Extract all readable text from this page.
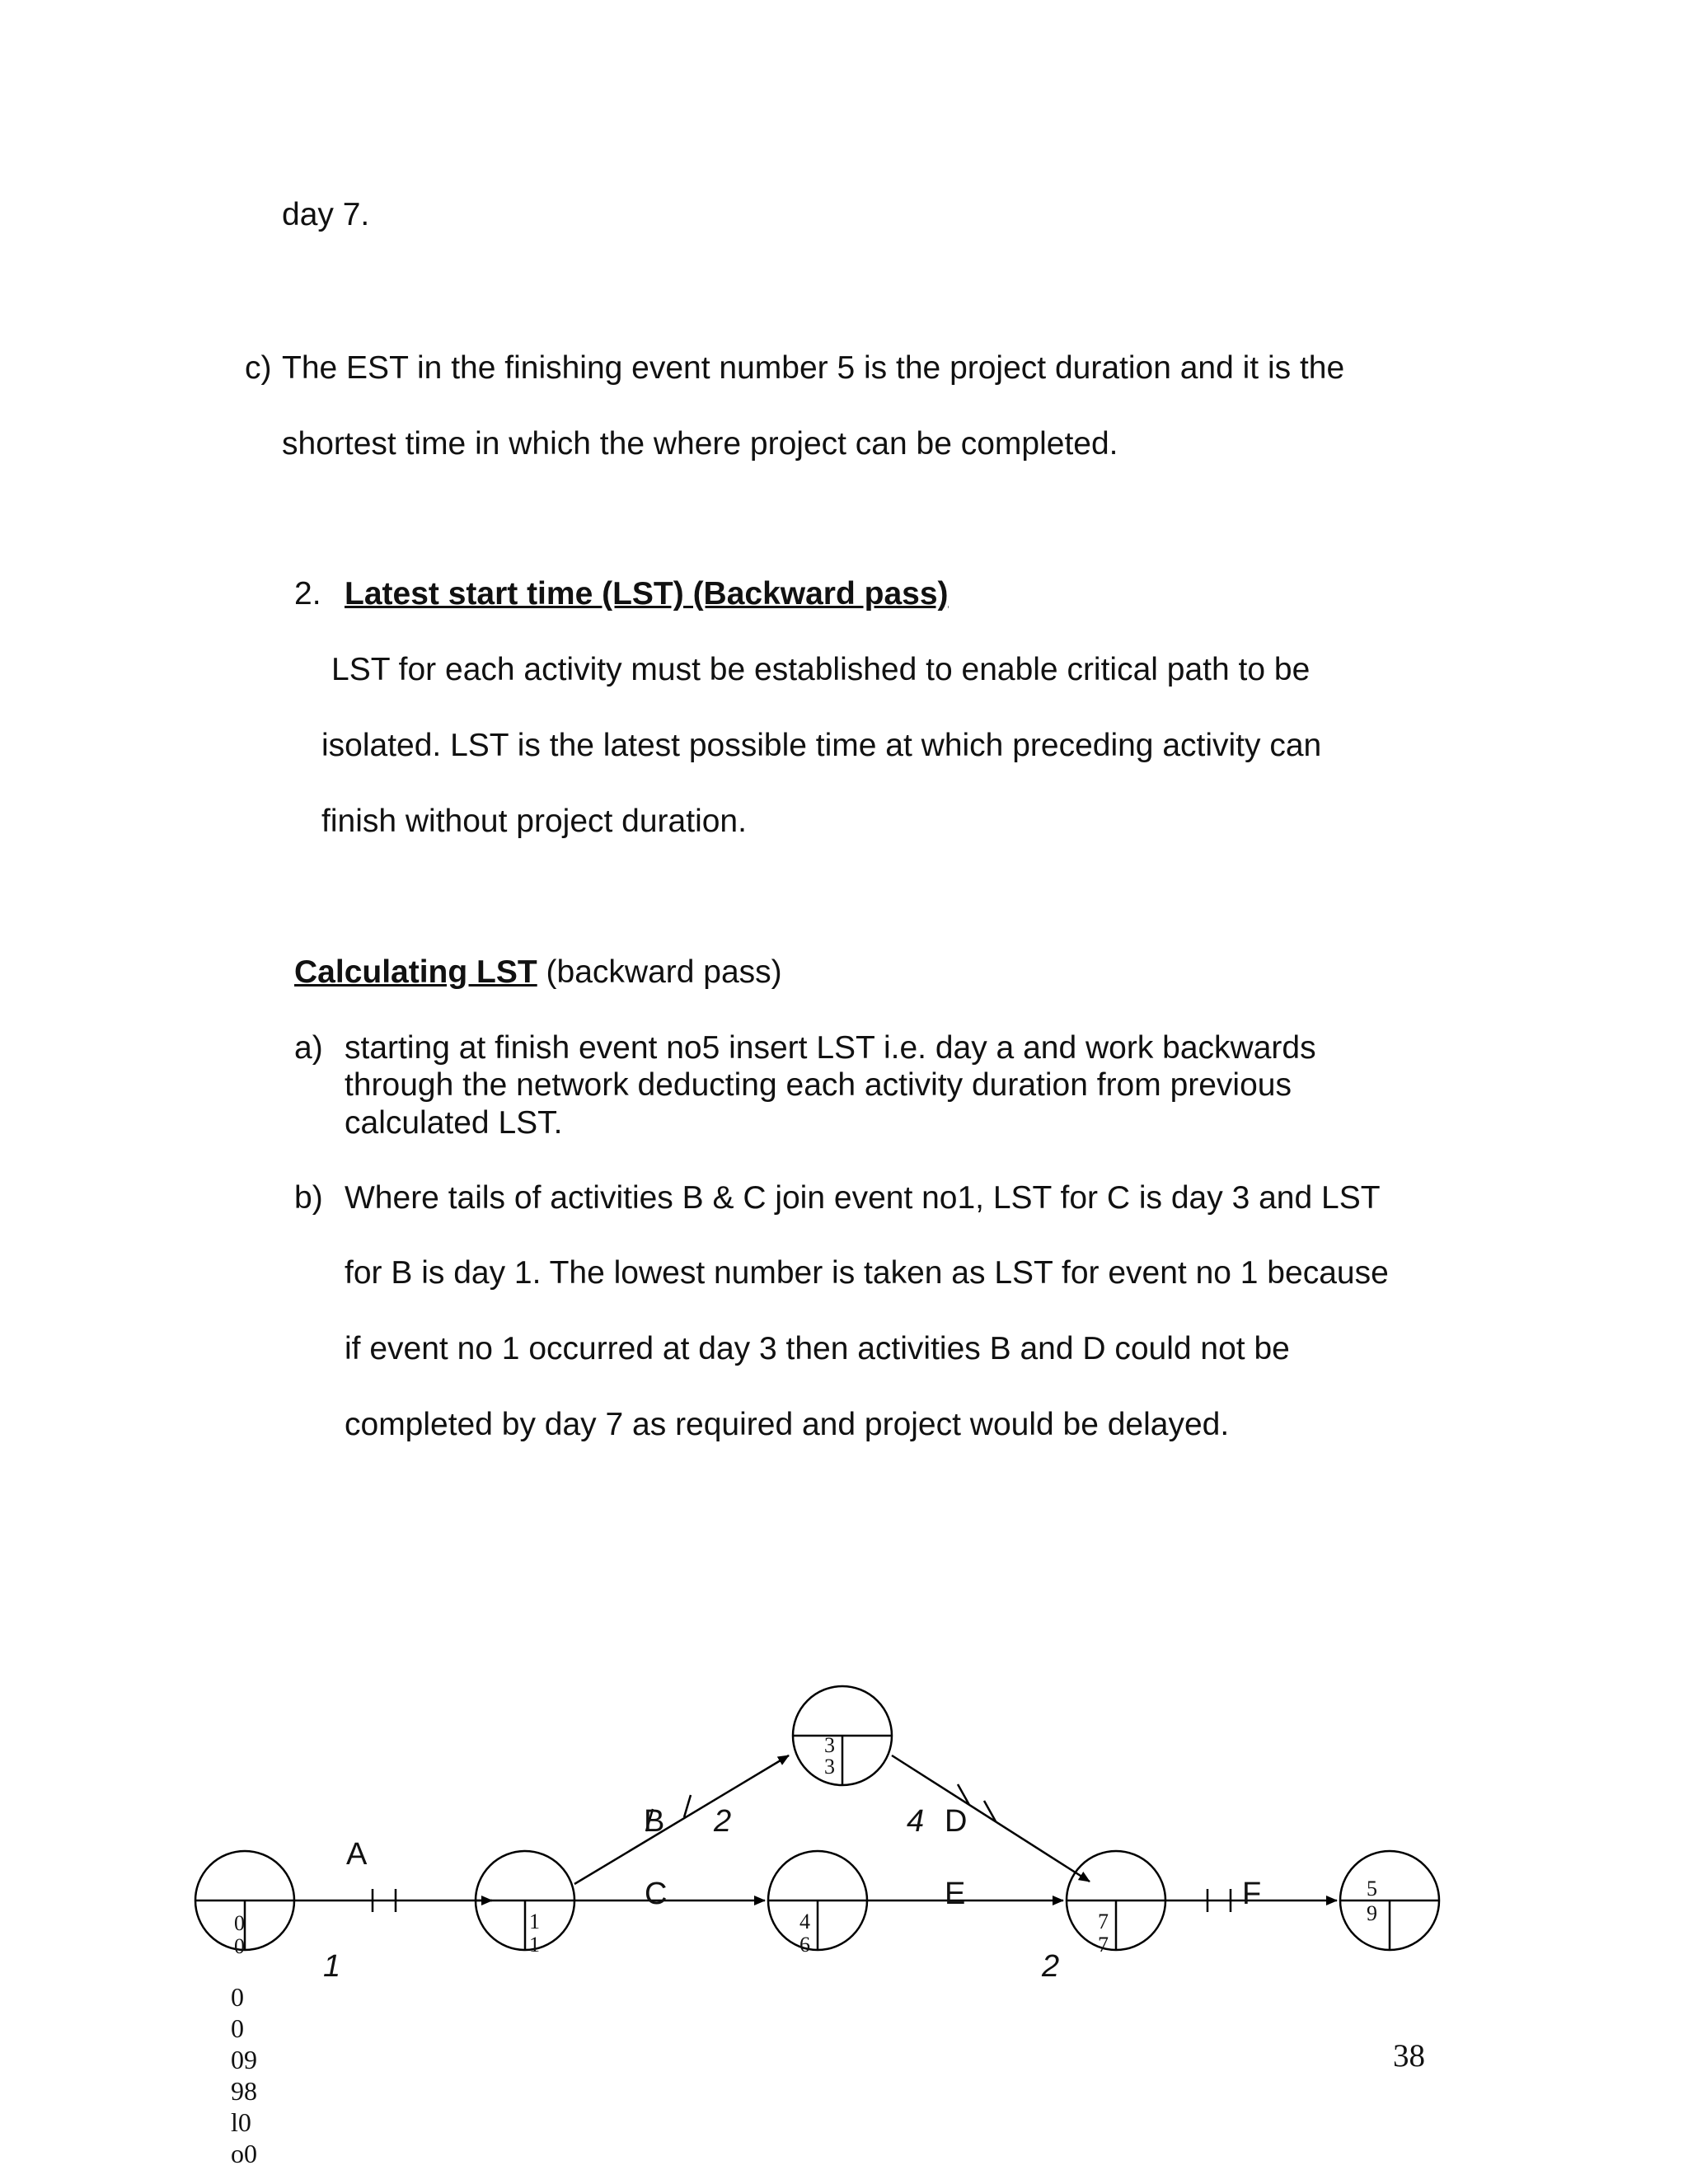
day 7.

c) The EST in the finishing event number 5 is the project duration and it is the

shortest time in which the where project can be completed.

2. Latest start time (LST) (Backward pass)

LST for each activity must be established to enable critical path to be

isolated. LST is the latest possible time at which preceding activity can

finish without project duration.

Calculating LST (backward pass)

a) starting at finish event no5 insert LST i.e. day a and work backwards

through the network deducting each activity duration from previous

calculated LST.

b) Where tails of activities B & C join event no1, LST for C is day 3 and LST

for B is day 1. The lowest number is taken as LST for event no 1 because

if event no 1 occurred at day 3 then activities B and D could not be

completed by day 7 as required and project would be delayed.

A
B
C
D
E	F
1
2	4
2
0
0
1
1
3
3
4
6
7
7
5
9
0
0
09
98
l0
o0
38
